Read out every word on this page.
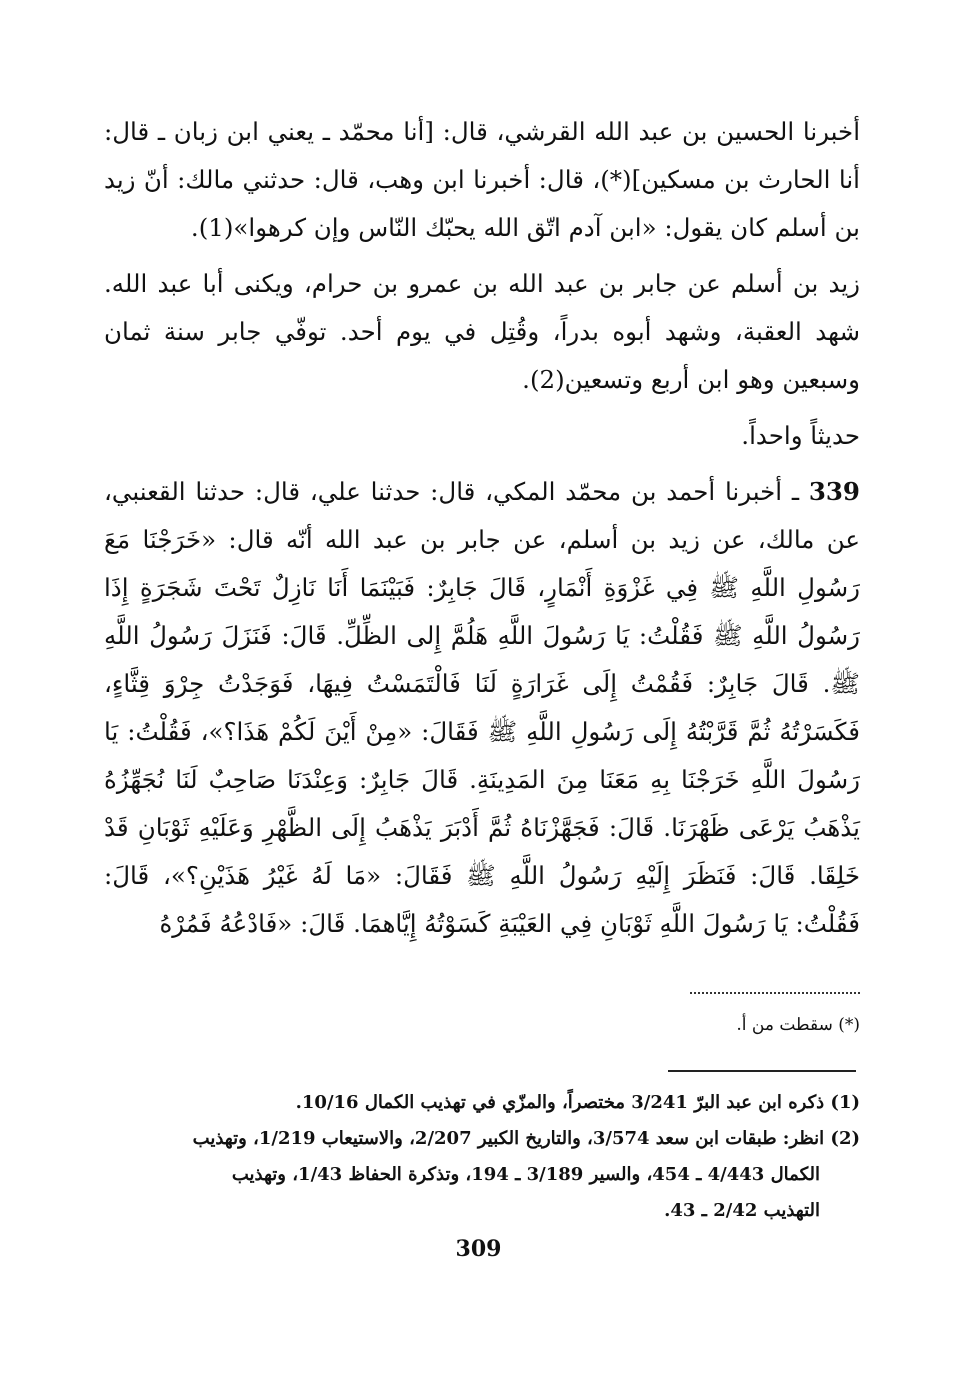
أخبرنا الحسين بن عبد الله القرشي، قال: [أنا محمّد ـ يعني ابن زبان ـ قال: أنا الحارث بن مسكين](*)، قال: أخبرنا ابن وهب، قال: حدثني مالك: أنّ زيد بن أسلم كان يقول: «ابن آدم اتّق الله يحبّك النّاس وإن كرهوا»(1).

زيد بن أسلم عن جابر بن عبد الله بن عمرو بن حرام، ويكنى أبا عبد الله. شهد العقبة، وشهد أبوه بدراً، وقُتِل في يوم أحد. توفّي جابر سنة ثمان وسبعين وهو ابن أربع وتسعين(2).

حديثاً واحداً.

339 ـ أخبرنا أحمد بن محمّد المكي، قال: حدثنا علي، قال: حدثنا القعنبي، عن مالك، عن زيد بن أسلم، عن جابر بن عبد الله أنّه قال: «خَرَجْنَا مَعَ رَسُولِ اللَّهِ ﷺ فِي غَزْوَةِ أَنْمَارٍ، قَالَ جَابِرٌ: فَبَيْنَمَا أَنَا نَازِلٌ تَحْتَ شَجَرَةٍ إِذَا رَسُولُ اللَّهِ ﷺ فَقُلْتُ: يَا رَسُولَ اللَّهِ هَلُمَّ إِلى الظِّلِّ. قَالَ: فَنَزَلَ رَسُولُ اللَّهِ ﷺ. قَالَ جَابِرٌ: فَقُمْتُ إِلَى غَرَارَةٍ لَنَا فَالْتَمَسْتُ فِيهَا، فَوَجَدْتُ جِرْوَ قِثَّاءٍ، فَكَسَرْتُهُ ثُمَّ قَرَّبْتُهُ إِلَى رَسُولِ اللَّهِ ﷺ فَقَالَ: «مِنْ أَيْنَ لَكُمْ هَذَا؟»، فَقُلْتُ: يَا رَسُولَ اللَّهِ خَرَجْنَا بِهِ مَعَنَا مِنَ المَدِينَةِ. قَالَ جَابِرٌ: وَعِنْدَنَا صَاحِبٌ لَنَا نُجَهِّزُهُ يَذْهَبُ يَرْعَى ظَهْرَنَا. قَالَ: فَجَهَّزْنَاهُ ثُمَّ أَدْبَرَ يَذْهَبُ إِلَى الظَّهْرِ وَعَلَيْهِ ثَوْبَانِ قَدْ خَلِقَا. قَالَ: فَنَظَرَ إِلَيْهِ رَسُولُ اللَّهِ ﷺ فَقَالَ: «مَا لَهُ غَيْرُ هَذَيْنِ؟»، قَالَ: فَقُلْتُ: يَا رَسُولَ اللَّهِ ثَوْبَانِ فِي العَيْبَةِ كَسَوْتُهُ إِيَّاهمَا. قَالَ: «فَادْعُهُ فَمُرْهُ

(*) سقطت من أ.

(1) ذكره ابن عبد البرّ 3/241 مختصراً، والمزّي في تهذيب الكمال 10/16.

(2) انظر: طبقات ابن سعد 3/574، والتاريخ الكبير 2/207، والاستيعاب 1/219، وتهذيب

الكمال 4/443 ـ 454، والسير 3/189 ـ 194، وتذكرة الحفاظ 1/43، وتهذيب

التهذيب 2/42 ـ 43.

309
